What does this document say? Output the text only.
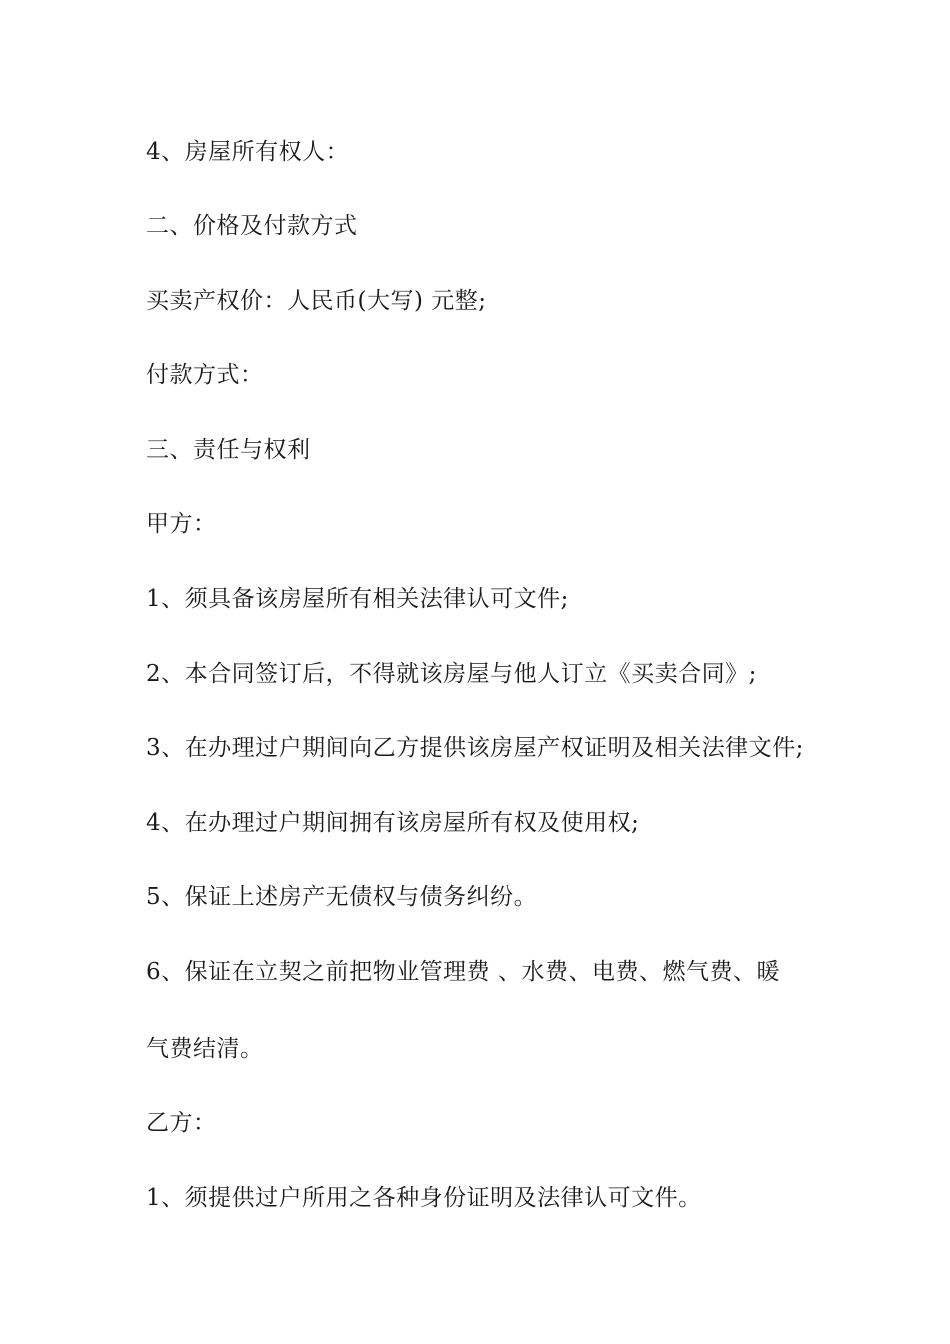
4、房屋所有权人：
二、价格及付款方式
买卖产权价：人民币(大写) 元整;
付款方式：
三、责任与权利
甲方：
1、须具备该房屋所有相关法律认可文件;
2、本合同签订后，不得就该房屋与他人订立《买卖合同》;
3、在办理过户期间向乙方提供该房屋产权证明及相关法律文件;
4、在办理过户期间拥有该房屋所有权及使用权;
5、保证上述房产无债权与债务纠纷。
6、保证在立契之前把物业管理费 、水费、电费、燃气费、暖
气费结清。
乙方：
1、须提供过户所用之各种身份证明及法律认可文件。
